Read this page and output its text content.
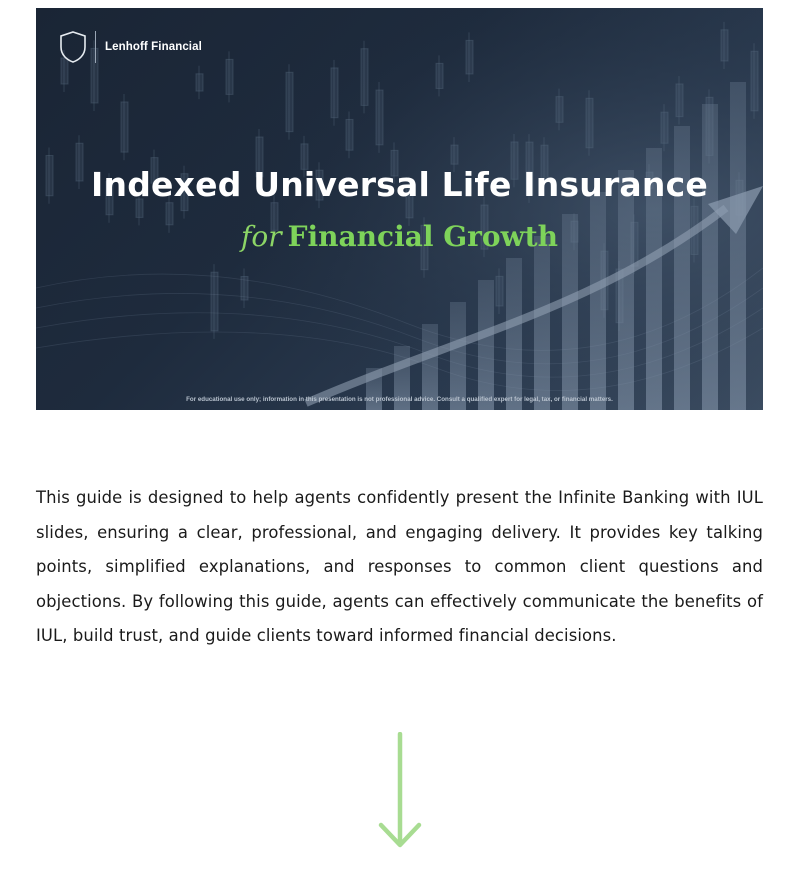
Lenhoff Financial
Indexed Universal Life Insurance
for Financial Growth
For educational use only; information in this presentation is not professional advice. Consult a qualified expert for legal, tax, or financial matters.

This guide is designed to help agents confidently present the Infinite Banking with IUL slides, ensuring a clear, professional, and engaging delivery. It provides key talking points, simplified explanations, and responses to common client questions and objections. By following this guide, agents can effectively communicate the benefits of IUL, build trust, and guide clients toward informed financial decisions.
